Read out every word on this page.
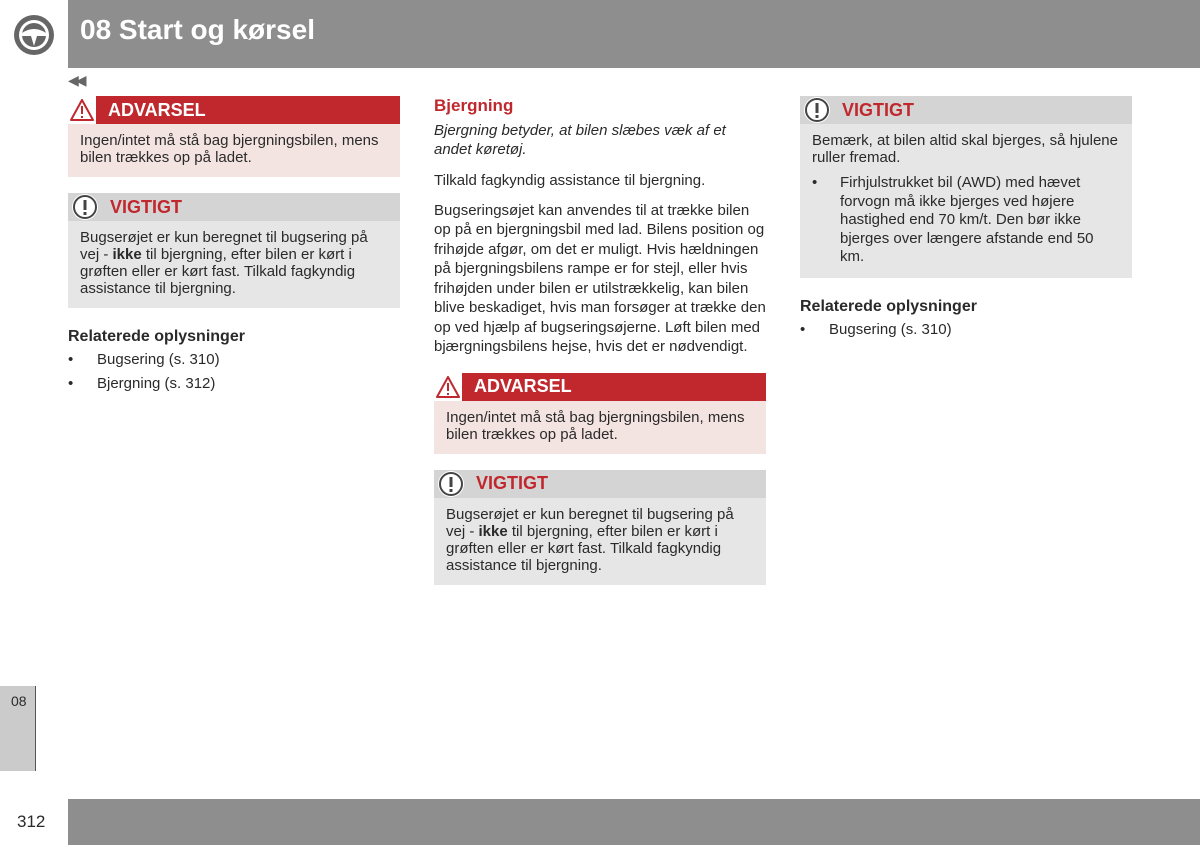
08 Start og kørsel
◀◀
ADVARSEL
Ingen/intet må stå bag bjergningsbilen, mens bilen trækkes op på ladet.
VIGTIGT
Bugserøjet er kun beregnet til bugsering på vej - ikke til bjergning, efter bilen er kørt i grøften eller er kørt fast. Tilkald fagkyndig assistance til bjergning.
Relaterede oplysninger
• Bugsering (s. 310)
• Bjergning (s. 312)
Bjergning
Bjergning betyder, at bilen slæbes væk af et andet køretøj.

Tilkald fagkyndig assistance til bjergning.

Bugseringsøjet kan anvendes til at trække bilen op på en bjergningsbil med lad. Bilens position og frihøjde afgør, om det er muligt. Hvis hældningen på bjergningsbilens rampe er for stejl, eller hvis frihøjden under bilen er utilstrækkelig, kan bilen blive beskadiget, hvis man forsøger at trække den op ved hjælp af bugseringsøjerne. Løft bilen med bjærgningsbilens hejse, hvis det er nødvendigt.

ADVARSEL
Ingen/intet må stå bag bjergningsbilen, mens bilen trækkes op på ladet.
VIGTIGT
Bugserøjet er kun beregnet til bugsering på vej - ikke til bjergning, efter bilen er kørt i grøften eller er kørt fast. Tilkald fagkyndig assistance til bjergning.
VIGTIGT
Bemærk, at bilen altid skal bjerges, så hjulene ruller fremad.
• Firhjulstrukket bil (AWD) med hævet forvogn må ikke bjerges ved højere hastighed end 70 km/t. Den bør ikke bjerges over længere afstande end 50 km.
Relaterede oplysninger
• Bugsering (s. 310)
08
312
